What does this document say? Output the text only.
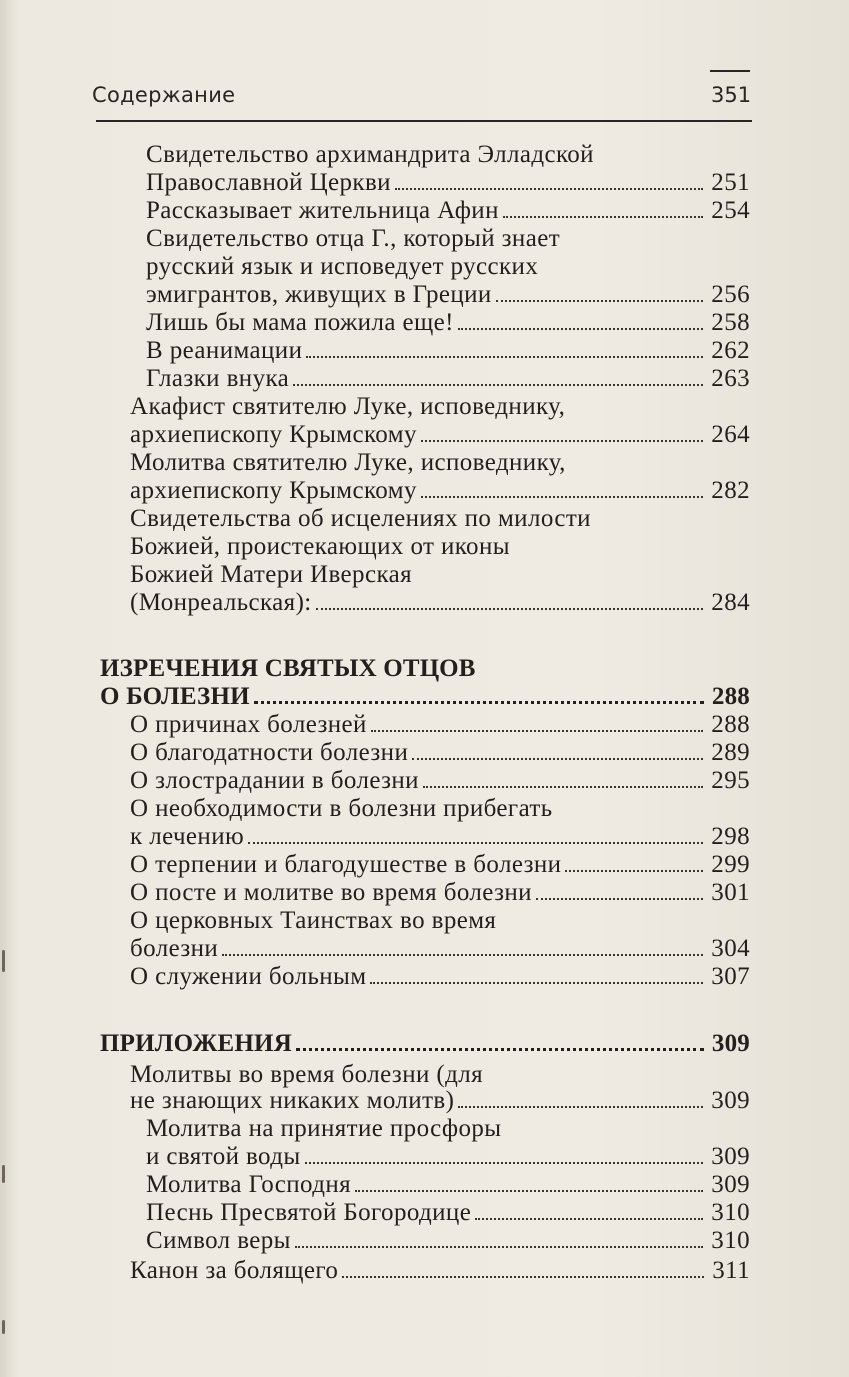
Содержание	351
Свидетельство архимандрита Элладской
Православной Церкви	251
Рассказывает жительница Афин	254
Свидетельство отца Г., который знает
русский язык и исповедует русских
эмигрантов, живущих в Греции	256
Лишь бы мама пожила еще!	258
В реанимации	262
Глазки внука	263
Акафист святителю Луке, исповеднику,
архиепископу Крымскому	264
Молитва святителю Луке, исповеднику,
архиепископу Крымскому	282
Свидетельства об исцелениях по милости
Божией, проистекающих от иконы
Божией Матери Иверская
(Монреальская):	284
ИЗРЕЧЕНИЯ СВЯТЫХ ОТЦОВ
О БОЛЕЗНИ	288
О причинах болезней	288
О благодатности болезни	289
О злострадании в болезни	295
О необходимости в болезни прибегать
к лечению	298
О терпении и благодушестве в болезни	299
О посте и молитве во время болезни	301
О церковных Таинствах во время
болезни	304
О служении больным	307
ПРИЛОЖЕНИЯ	309
Молитвы во время болезни (для
не знающих никаких молитв)	309
Молитва на принятие просфоры
и святой воды	309
Молитва Господня	309
Песнь Пресвятой Богородице	310
Символ веры	310
Канон за болящего	311
